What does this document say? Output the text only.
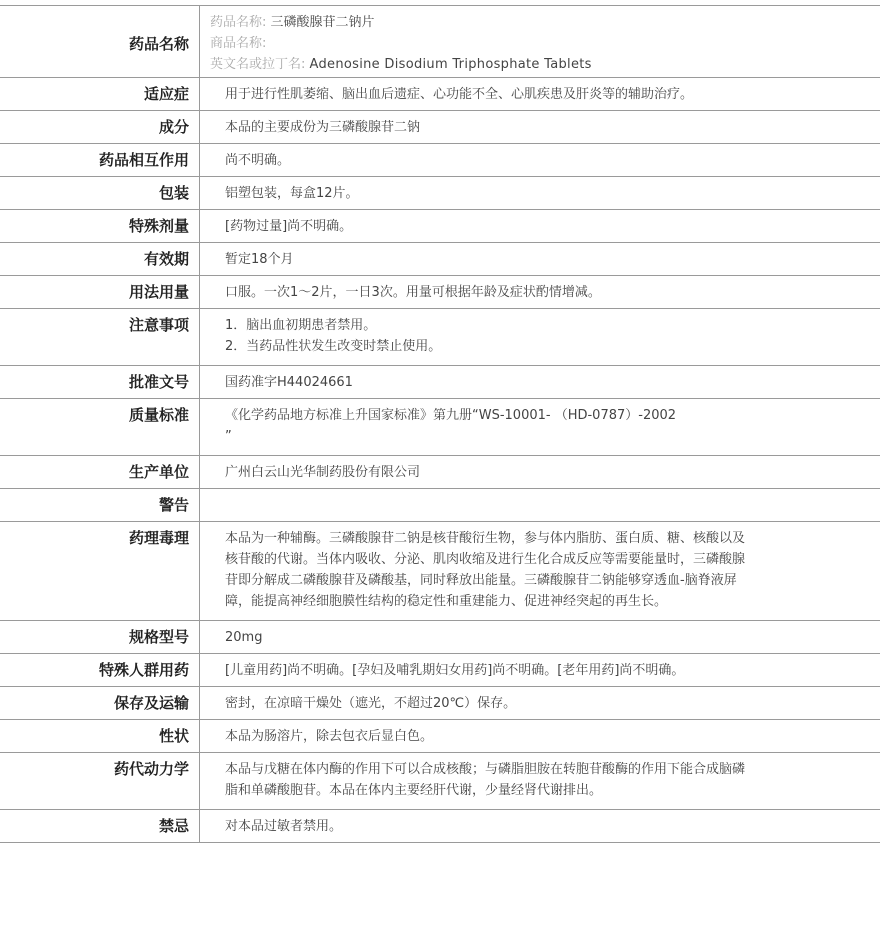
药品名称
药品名称: 三磷酸腺苷二钠片
商品名称:
英文名或拉丁名: Adenosine Disodium Triphosphate Tablets
适应症	用于进行性肌萎缩、脑出血后遗症、心功能不全、心肌疾患及肝炎等的辅助治疗。
成分	本品的主要成份为三磷酸腺苷二钠
药品相互作用	尚不明确。
包装	铝塑包装，每盒12片。
特殊剂量	[药物过量]尚不明确。
有效期	暂定18个月
用法用量	口服。一次1～2片，一日3次。用量可根据年龄及症状酌情增减。
注意事项	1．脑出血初期患者禁用。
2．当药品性状发生改变时禁止使用。
批准文号	国药准字H44024661
质量标准	《化学药品地方标准上升国家标准》第九册“WS-10001- （HD-0787）-2002
”
生产单位	广州白云山光华制药股份有限公司
警告

药理毒理	本品为一种辅酶。三磷酸腺苷二钠是核苷酸衍生物，参与体内脂肪、蛋白质、糖、核酸以及
核苷酸的代谢。当体内吸收、分泌、肌肉收缩及进行生化合成反应等需要能量时，三磷酸腺
苷即分解成二磷酸腺苷及磷酸基，同时释放出能量。三磷酸腺苷二钠能够穿透血-脑脊液屏
障，能提高神经细胞膜性结构的稳定性和重建能力、促进神经突起的再生长。
规格型号	20mg
特殊人群用药	[儿童用药]尚不明确。[孕妇及哺乳期妇女用药]尚不明确。[老年用药]尚不明确。
保存及运输	密封，在凉暗干燥处（遮光，不超过20℃）保存。
性状	本品为肠溶片，除去包衣后显白色。
药代动力学	本品与戊糖在体内酶的作用下可以合成核酸；与磷脂胆胺在转胞苷酸酶的作用下能合成脑磷
脂和单磷酸胞苷。本品在体内主要经肝代谢，少量经肾代谢排出。
禁忌	对本品过敏者禁用。
